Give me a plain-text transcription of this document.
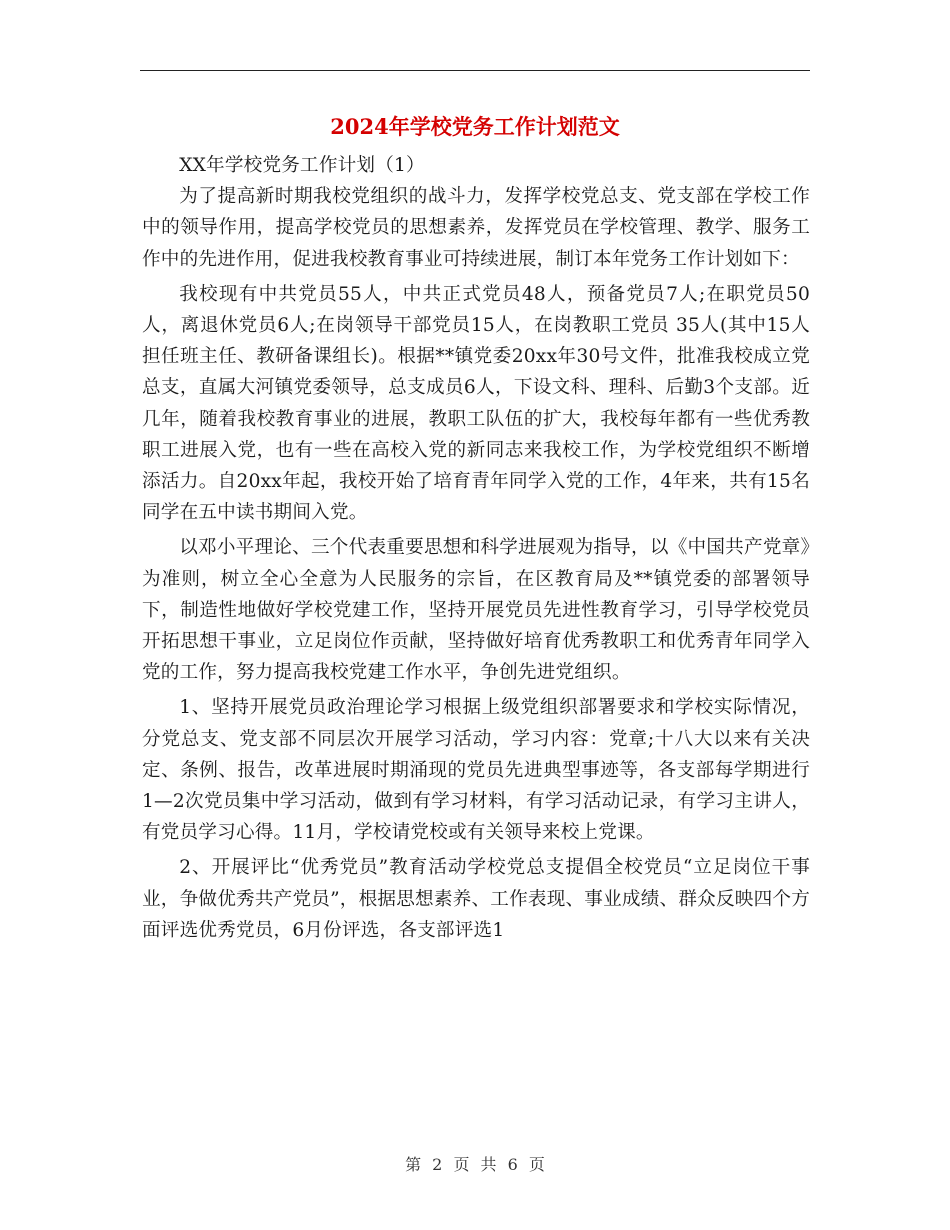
2024年学校党务工作计划范文

XX年学校党务工作计划（1）

为了提高新时期我校党组织的战斗力，发挥学校党总支、党支部在学校工作中的领导作用，提高学校党员的思想素养，发挥党员在学校管理、教学、服务工作中的先进作用，促进我校教育事业可持续进展，制订本年党务工作计划如下：

我校现有中共党员55人，中共正式党员48人，预备党员7人;在职党员50人，离退休党员6人;在岗领导干部党员15人，在岗教职工党员 35人(其中15人担任班主任、教研备课组长)。根据**镇党委20xx年30号文件，批准我校成立党总支，直属大河镇党委领导，总支成员6人，下设文科、理科、后勤3个支部。近几年，随着我校教育事业的进展，教职工队伍的扩大，我校每年都有一些优秀教职工进展入党，也有一些在高校入党的新同志来我校工作，为学校党组织不断增添活力。自20xx年起，我校开始了培育青年同学入党的工作，4年来，共有15名同学在五中读书期间入党。

以邓小平理论、三个代表重要思想和科学进展观为指导，以《中国共产党章》为准则，树立全心全意为人民服务的宗旨，在区教育局及**镇党委的部署领导下，制造性地做好学校党建工作，坚持开展党员先进性教育学习，引导学校党员开拓思想干事业，立足岗位作贡献，坚持做好培育优秀教职工和优秀青年同学入党的工作，努力提高我校党建工作水平，争创先进党组织。

1、坚持开展党员政治理论学习根据上级党组织部署要求和学校实际情况，分党总支、党支部不同层次开展学习活动，学习内容：党章;十八大以来有关决定、条例、报告，改革进展时期涌现的党员先进典型事迹等，各支部每学期进行1—2次党员集中学习活动，做到有学习材料，有学习活动记录，有学习主讲人，有党员学习心得。11月，学校请党校或有关领导来校上党课。

2、开展评比“优秀党员”教育活动学校党总支提倡全校党员“立足岗位干事业，争做优秀共产党员”，根据思想素养、工作表现、事业成绩、群众反映四个方面评选优秀党员，6月份评选，各支部评选1

第 2 页 共 6 页
